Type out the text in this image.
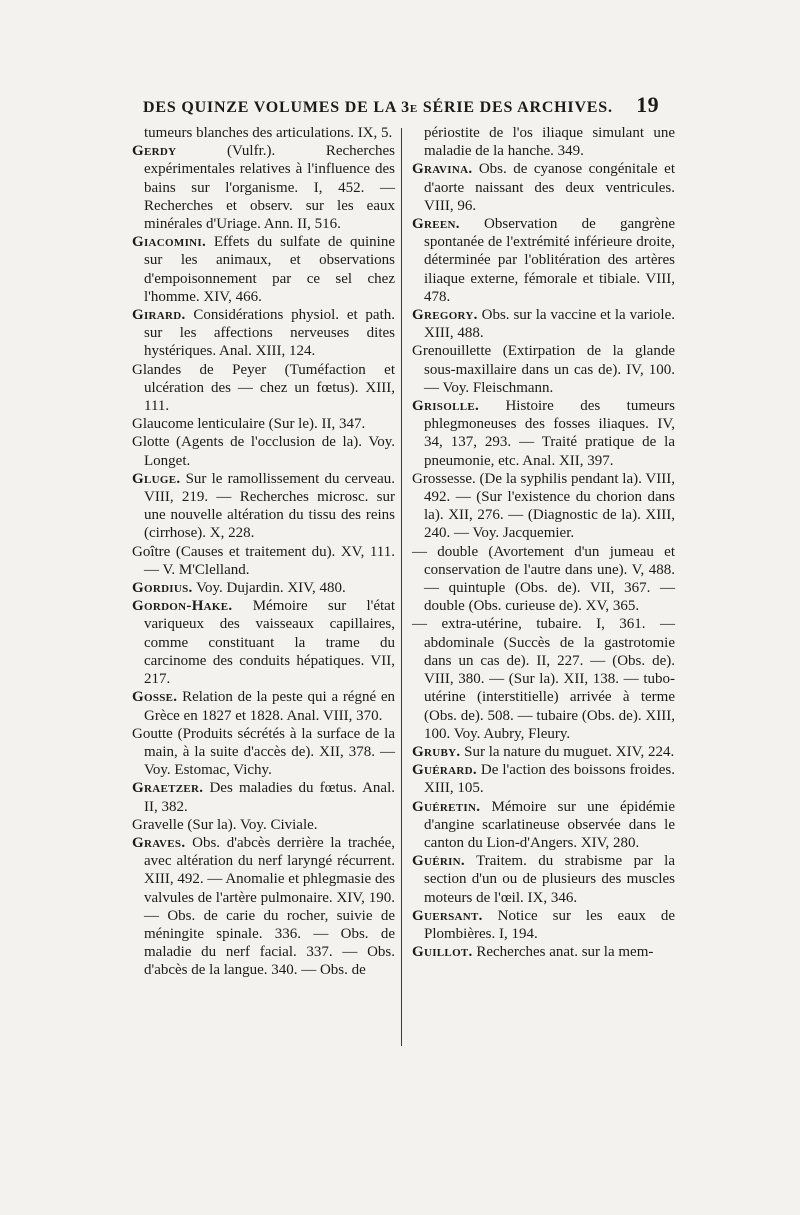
DES QUINZE VOLUMES DE LA 3e SÉRIE DES ARCHIVES. 19

tumeurs blanches des articulations. IX, 5.

Gerdy (Vulfr.). Recherches expérimentales relatives à l'influence des bains sur l'organisme. I, 452. — Recherches et observ. sur les eaux minérales d'Uriage. Ann. II, 516.

Giacomini. Effets du sulfate de quinine sur les animaux, et observations d'empoisonnement par ce sel chez l'homme. XIV, 466.

Girard. Considérations physiol. et path. sur les affections nerveuses dites hystériques. Anal. XIII, 124.

Glandes de Peyer (Tuméfaction et ulcération des — chez un fœtus). XIII, 111.

Glaucome lenticulaire (Sur le). II, 347.

Glotte (Agents de l'occlusion de la). Voy. Longet.

Gluge. Sur le ramollissement du cerveau. VIII, 219. — Recherches microsc. sur une nouvelle altération du tissu des reins (cirrhose). X, 228.

Goître (Causes et traitement du). XV, 111. — V. M'Clelland.

Gordius. Voy. Dujardin. XIV, 480.

Gordon-Hake. Mémoire sur l'état variqueux des vaisseaux capillaires, comme constituant la trame du carcinome des conduits hépatiques. VII, 217.

Gosse. Relation de la peste qui a régné en Grèce en 1827 et 1828. Anal. VIII, 370.

Goutte (Produits sécrétés à la surface de la main, à la suite d'accès de). XII, 378. — Voy. Estomac, Vichy.

Graetzer. Des maladies du fœtus. Anal. II, 382.

Gravelle (Sur la). Voy. Civiale.

Graves. Obs. d'abcès derrière la trachée, avec altération du nerf laryngé récurrent. XIII, 492. — Anomalie et phlegmasie des valvules de l'artère pulmonaire. XIV, 190. — Obs. de carie du rocher, suivie de méningite spinale. 336. — Obs. de maladie du nerf facial. 337. — Obs. d'abcès de la langue. 340. — Obs. de

périostite de l'os iliaque simulant une maladie de la hanche. 349.

Gravina. Obs. de cyanose congénitale et d'aorte naissant des deux ventricules. VIII, 96.

Green. Observation de gangrène spontanée de l'extrémité inférieure droite, déterminée par l'oblitération des artères iliaque externe, fémorale et tibiale. VIII, 478.

Gregory. Obs. sur la vaccine et la variole. XIII, 488.

Grenouillette (Extirpation de la glande sous-maxillaire dans un cas de). IV, 100. — Voy. Fleischmann.

Grisolle. Histoire des tumeurs phlegmoneuses des fosses iliaques. IV, 34, 137, 293. — Traité pratique de la pneumonie, etc. Anal. XII, 397.

Grossesse. (De la syphilis pendant la). VIII, 492. — (Sur l'existence du chorion dans la). XII, 276. — (Diagnostic de la). XIII, 240. — Voy. Jacquemier.

— double (Avortement d'un jumeau et conservation de l'autre dans une). V, 488. — quintuple (Obs. de). VII, 367. — double (Obs. curieuse de). XV, 365.

— extra-utérine, tubaire. I, 361. — abdominale (Succès de la gastrotomie dans un cas de). II, 227. — (Obs. de). VIII, 380. — (Sur la). XII, 138. — tubo-utérine (interstitielle) arrivée à terme (Obs. de). 508. — tubaire (Obs. de). XIII, 100. Voy. Aubry, Fleury.

Gruby. Sur la nature du muguet. XIV, 224.

Guérard. De l'action des boissons froides. XIII, 105.

Guéretin. Mémoire sur une épidémie d'angine scarlatineuse observée dans le canton du Lion-d'Angers. XIV, 280.

Guérin. Traitem. du strabisme par la section d'un ou de plusieurs des muscles moteurs de l'œil. IX, 346.

Guersant. Notice sur les eaux de Plombières. I, 194.

Guillot. Recherches anat. sur la mem-
